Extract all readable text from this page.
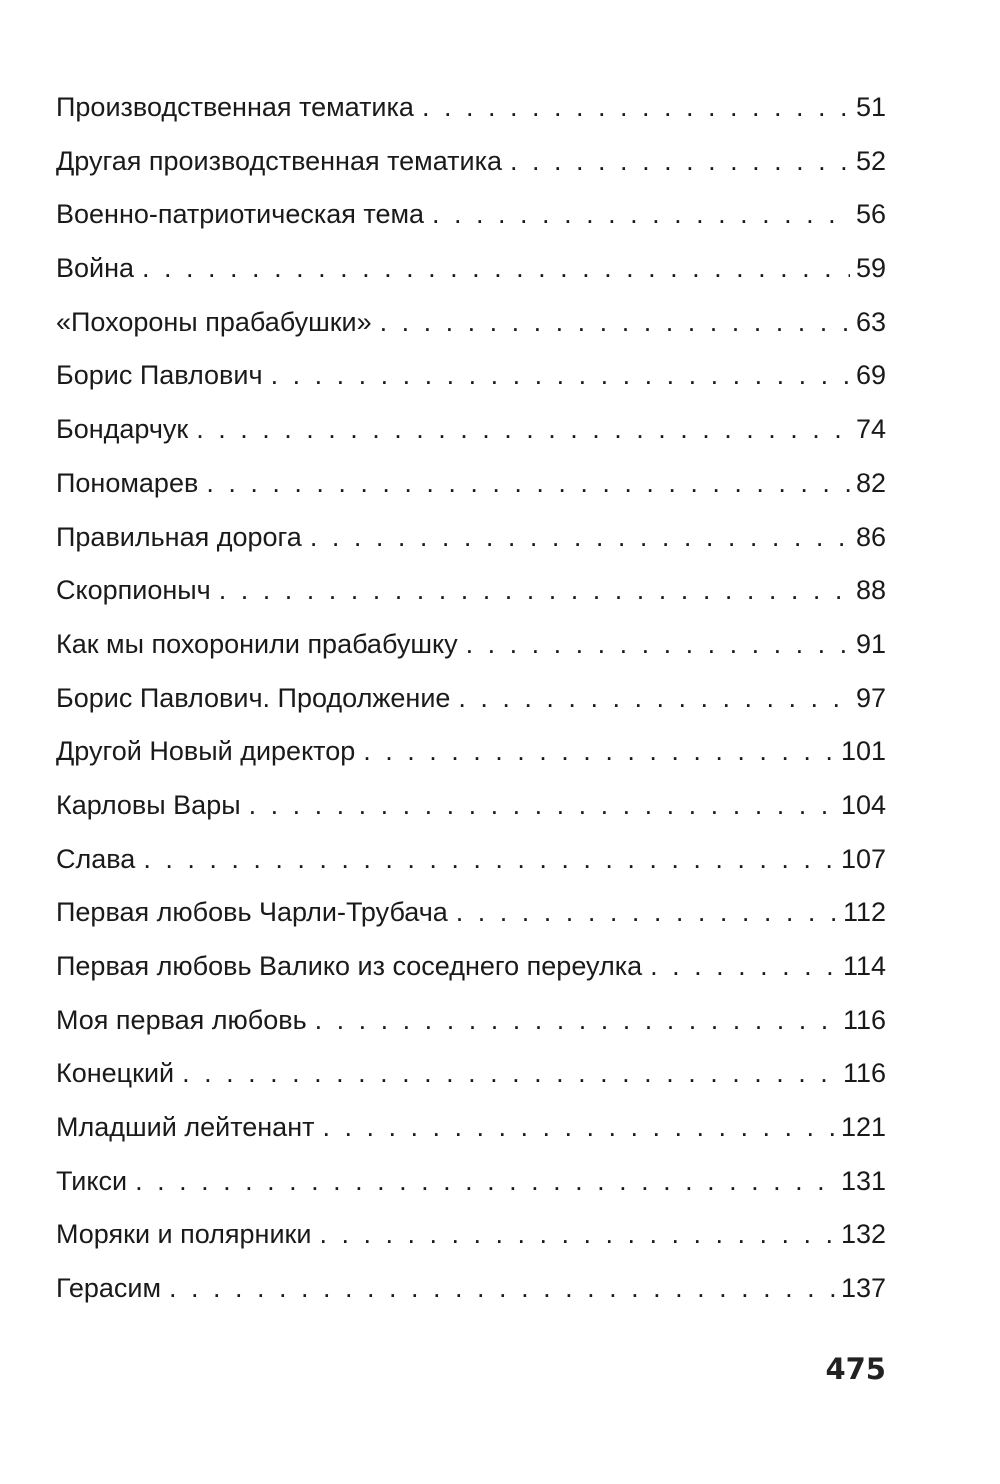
Производственная тематика . . .	51
Другая производственная тематика . . .	52
Военно-патриотическая тема . . .	56
Война . . .	59
«Похороны прабабушки» . . .	63
Борис Павлович . . .	69
Бондарчук . . .	74
Пономарев . . .	82
Правильная дорога . . .	86
Скорпионыч . . .	88
Как мы похоронили прабабушку . . .	91
Борис Павлович. Продолжение . . .	97
Другой Новый директор . . .	101
Карловы Вары . . .	104
Слава . . .	107
Первая любовь Чарли-Трубача . . .	112
Первая любовь Валико из соседнего переулка . . .	114
Моя первая любовь . . .	116
Конецкий . . .	116
Младший лейтенант . . .	121
Тикси . . .	131
Моряки и полярники . . .	132
Герасим . . .	137
475
